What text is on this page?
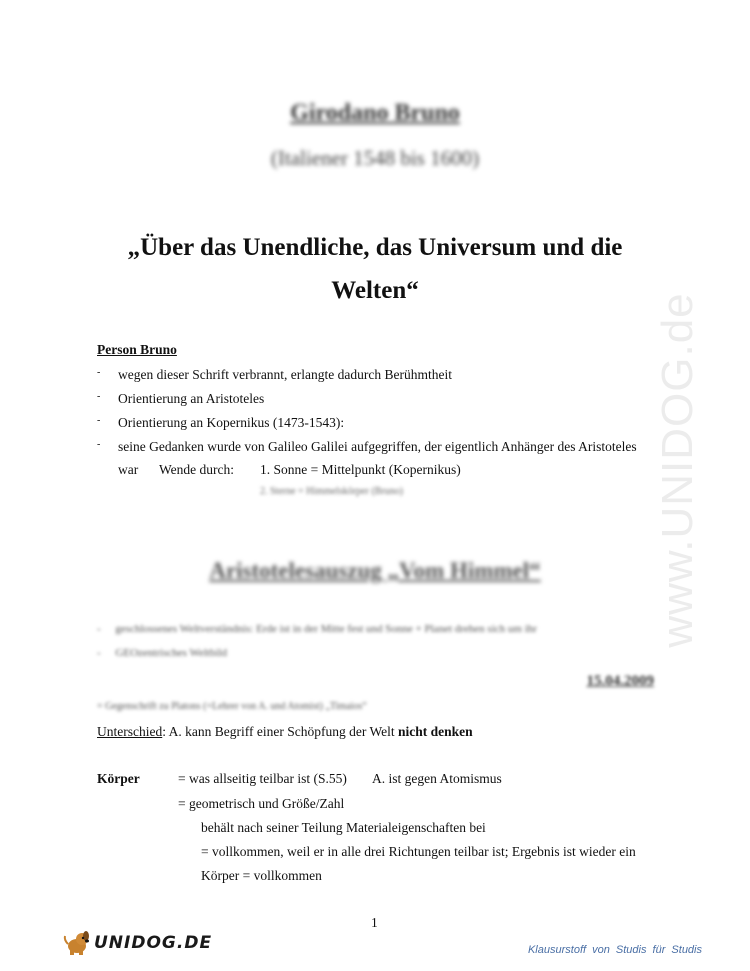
www.UNIDOG.de
Girodano Bruno
(Italiener 1548 bis 1600)
„Über das Unendliche, das Universum und die Welten“
Person Bruno
- wegen dieser Schrift verbrannt, erlangte dadurch Berühmtheit
- Orientierung an Aristoteles
- Orientierung an Kopernikus (1473-1543):
- seine Gedanken wurde von Galileo Galilei aufgegriffen, der eigentlich Anhänger des Aristoteles
war Wende durch: 1. Sonne = Mittelpunkt (Kopernikus)
2. Sterne = Himmelskörper (Bruno)
Aristotelesauszug „Vom Himmel“
- geschlossenes Weltverständnis: Erde ist in der Mitte fest und Sonne + Planet drehen sich um ihr
- GEOzentrisches Weltbild
15.04.2009
= Gegenschrift zu Platons (=Lehrer von A. und Atomist) „Timaios“
Unterschied: A. kann Begriff einer Schöpfung der Welt nicht denken
Körper	= was allseitig teilbar ist (S.55) A. ist gegen Atomismus
= geometrisch und Größe/Zahl
behält nach seiner Teilung Materialeigenschaften bei
= vollkommen, weil er in alle drei Richtungen teilbar ist; Ergebnis ist wieder ein
Körper = vollkommen
1
UNIDOG.DE	Klausurstoff von Studis für Studis
